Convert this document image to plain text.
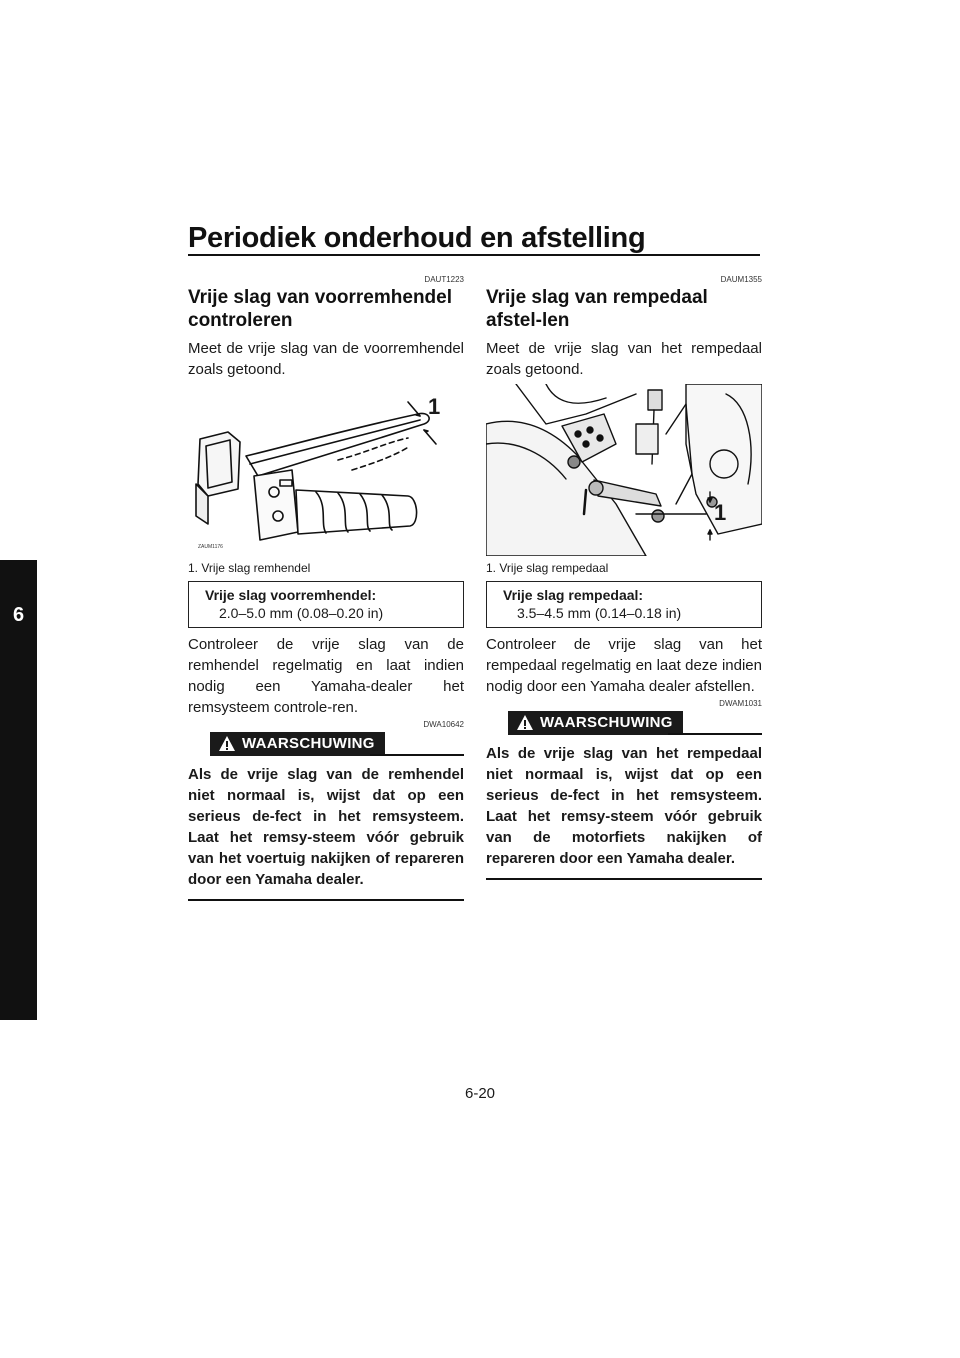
Periodiek onderhoud en afstelling
6
DAUT1223
Vrije slag van voorremhendel controleren
Meet de vrije slag van de voorremhendel zoals getoond.
1
ZAUM1176
1. Vrije slag remhendel
Vrije slag voorremhendel:
2.0–5.0 mm (0.08–0.20 in)
Controleer de vrije slag van de remhendel regelmatig en laat indien nodig een Yamaha-dealer het remsysteem controle-ren.
DWA10642
WAARSCHUWING
Als de vrije slag van de remhendel niet normaal is, wijst dat op een serieus de-fect in het remsysteem. Laat het remsy-steem vóór gebruik van het voertuig nakijken of repareren door een Yamaha dealer.
DAUM1355
Vrije slag van rempedaal afstel-len
Meet de vrije slag van het rempedaal zoals getoond.
1
1. Vrije slag rempedaal
Vrije slag rempedaal:
3.5–4.5 mm (0.14–0.18 in)
Controleer de vrije slag van het rempedaal regelmatig en laat deze indien nodig door een Yamaha dealer afstellen.
DWAM1031
WAARSCHUWING
Als de vrije slag van het rempedaal niet normaal is, wijst dat op een serieus de-fect in het remsysteem. Laat het remsy-steem vóór gebruik van de motorfiets nakijken of repareren door een Yamaha dealer.
6-20
